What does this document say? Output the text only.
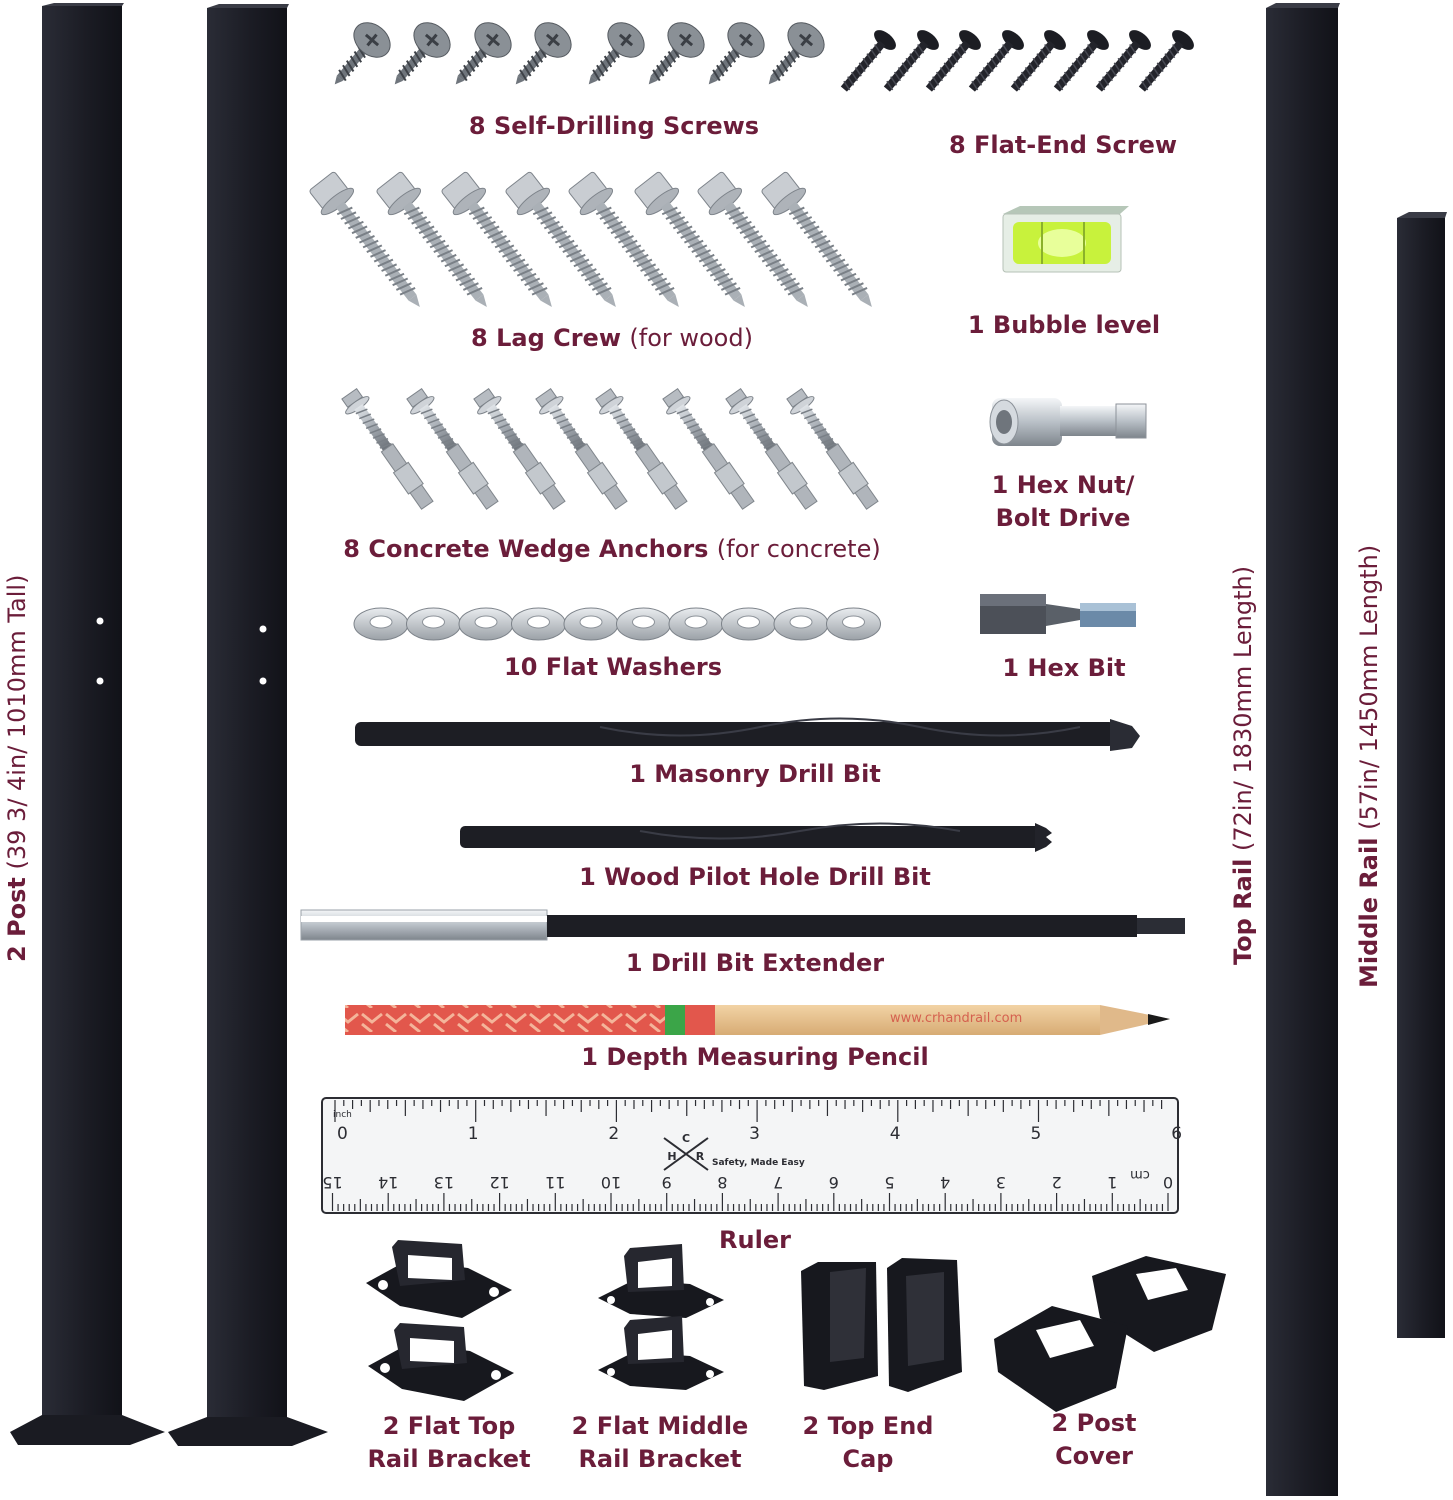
0	1	2	3	4	5	6
inch
0
1
2
3
4
5
6
7
8
9
10
11
12
13
14
15	cm
C
H R Safety, Made Easy
2 Post (39 3/ 4in/ 1010mm Tall)
Top Rail (72in/ 1830mm Length)
Middle Rail (57in/ 1450mm Length)
8 Self-Drilling Screws
8 Flat-End Screw
8 Lag Crew (for wood)	1 Bubble level
8 Concrete Wedge Anchors (for concrete)
1 Hex Nut/
Bolt Drive
10 Flat Washers	1 Hex Bit
1 Masonry Drill Bit
1 Wood Pilot Hole Drill Bit
1 Drill Bit Extender
www.crhandrail.com
1 Depth Measuring Pencil
Ruler
2 Flat Top
Rail Bracket
2 Flat Middle
Rail Bracket
2 Top End
Cap
2 Post
Cover
